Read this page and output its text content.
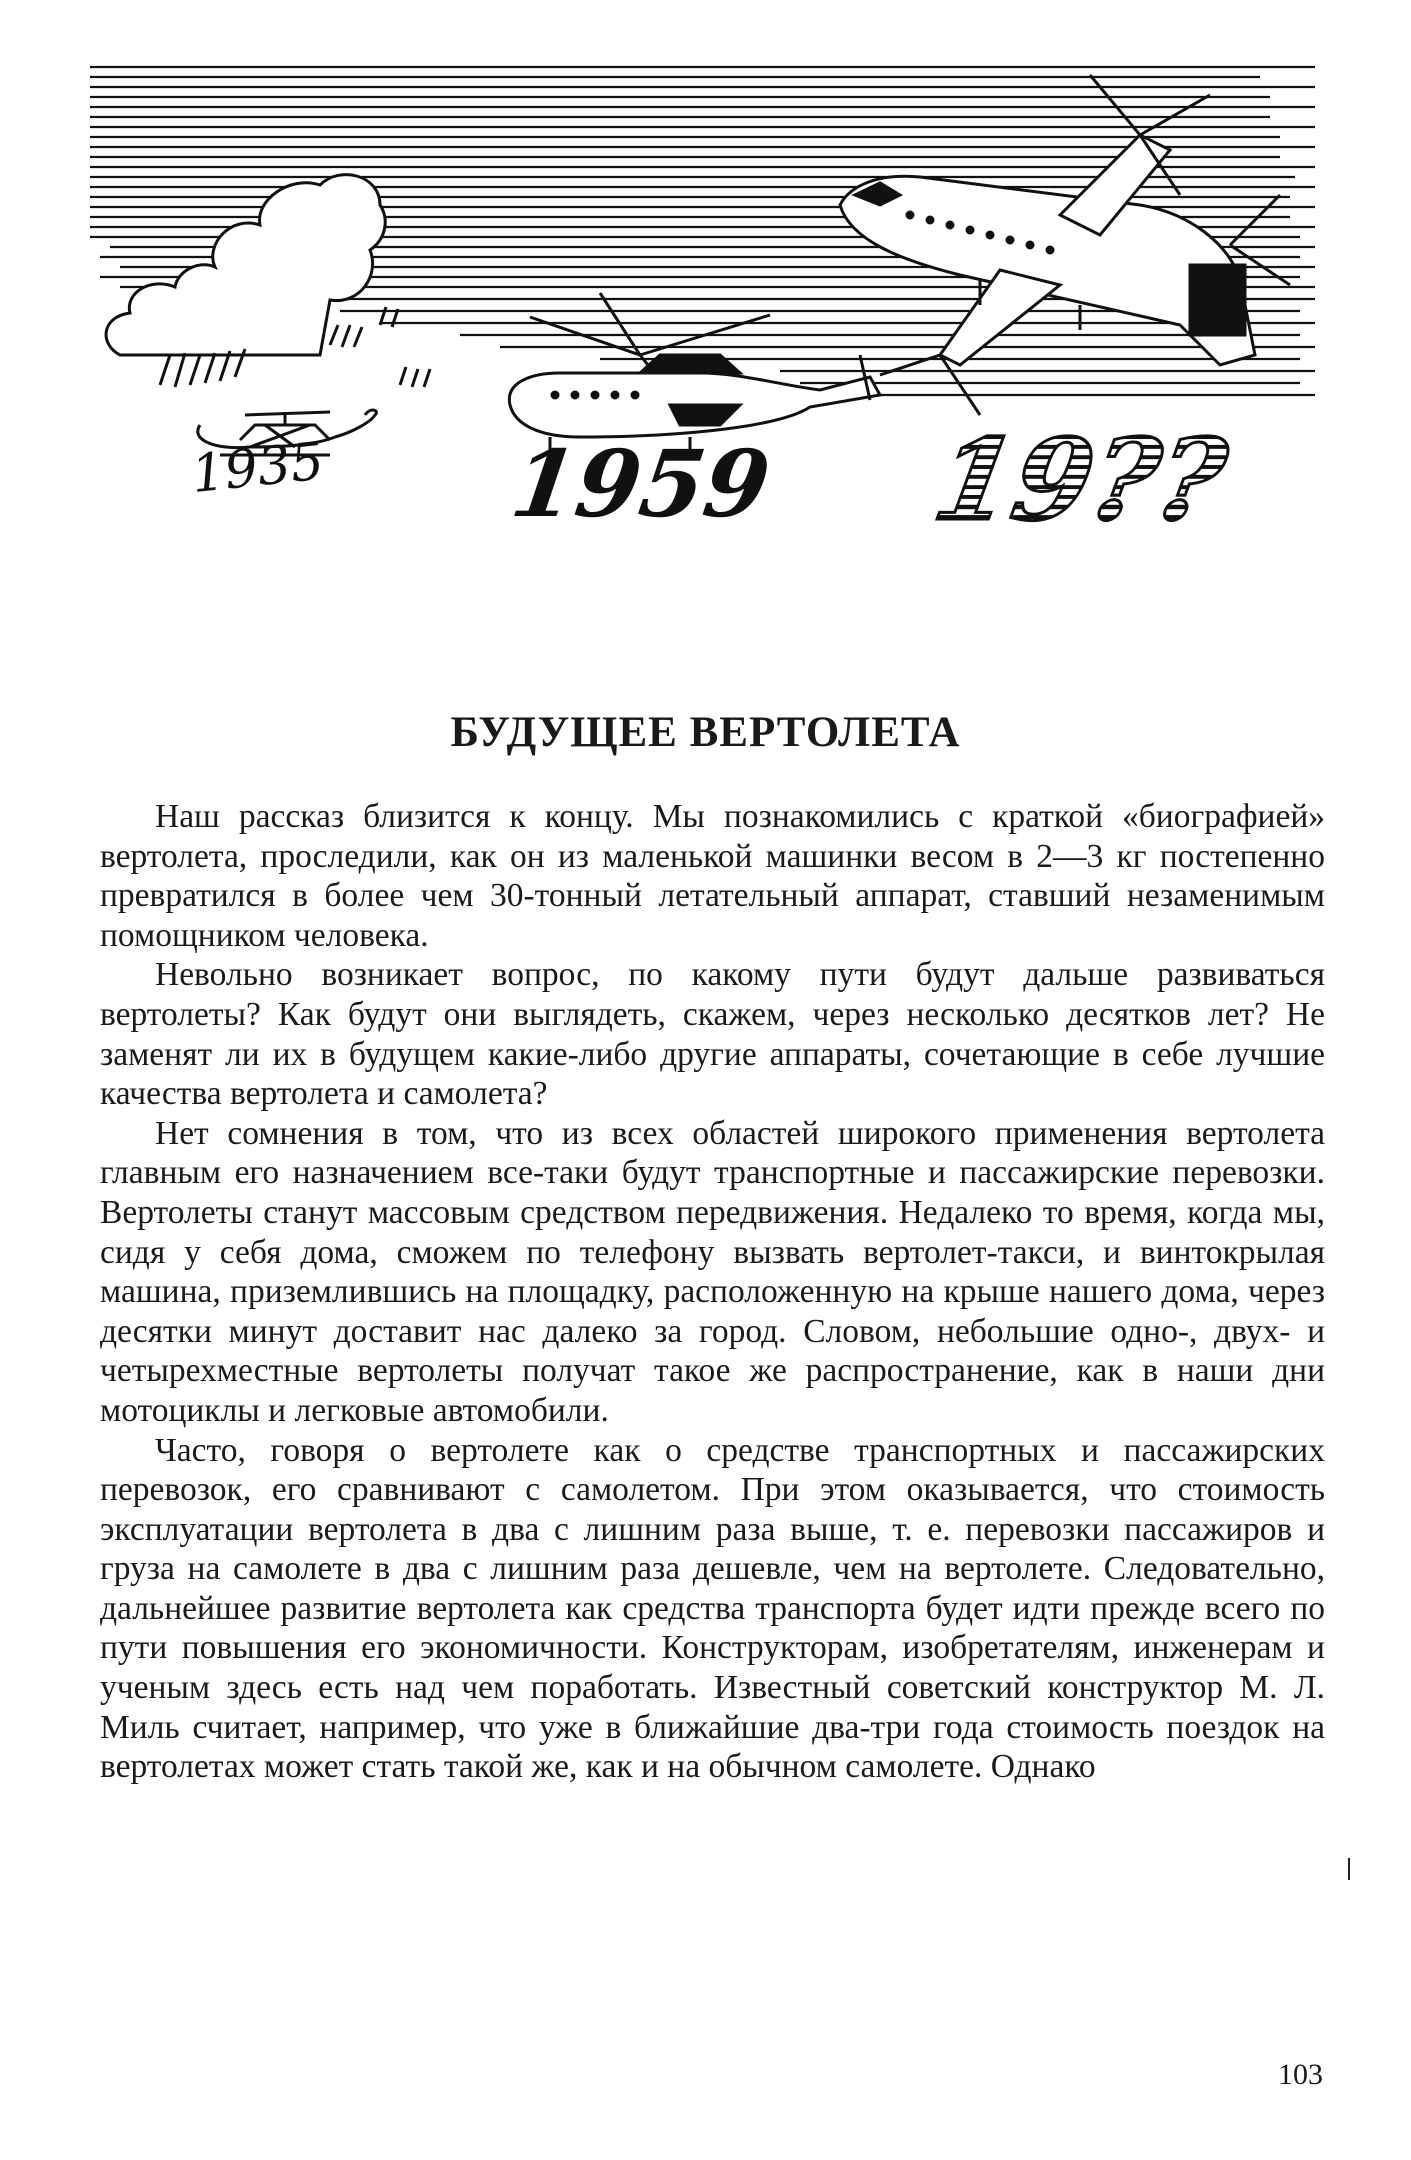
1935 1959 19??
БУДУЩЕЕ ВЕРТОЛЕТА

Наш рассказ близится к концу. Мы познакомились с краткой «биографией» вертолета, проследили, как он из маленькой машинки весом в 2—3 кг постепенно превратился в более чем 30-тонный летательный аппарат, ставший незаменимым помощником человека.

Невольно возникает вопрос, по какому пути будут дальше развиваться вертолеты? Как будут они выглядеть, скажем, через несколько десятков лет? Не заменят ли их в будущем какие-либо другие аппараты, сочетающие в себе лучшие качества вертолета и самолета?

Нет сомнения в том, что из всех областей широкого применения вертолета главным его назначением все-таки будут транспортные и пассажирские перевозки. Вертолеты станут массовым средством передвижения. Недалеко то время, когда мы, сидя у себя дома, сможем по телефону вызвать вертолет-такси, и винтокрылая машина, приземлившись на площадку, расположенную на крыше нашего дома, через десятки минут доставит нас далеко за город. Словом, небольшие одно-, двух- и четырехместные вертолеты получат такое же распространение, как в наши дни мотоциклы и легковые автомобили.

Часто, говоря о вертолете как о средстве транспортных и пассажирских перевозок, его сравнивают с самолетом. При этом оказывается, что стоимость эксплуатации вертолета в два с лишним раза выше, т. е. перевозки пассажиров и груза на самолете в два с лишним раза дешевле, чем на вертолете. Следовательно, дальнейшее развитие вертолета как средства транспорта будет идти прежде всего по пути повышения его экономичности. Конструкторам, изобретателям, инженерам и ученым здесь есть над чем поработать. Известный советский конструктор М. Л. Миль считает, например, что уже в ближайшие два-три года стоимость поездок на вертолетах может стать такой же, как и на обычном самолете. Однако

103
